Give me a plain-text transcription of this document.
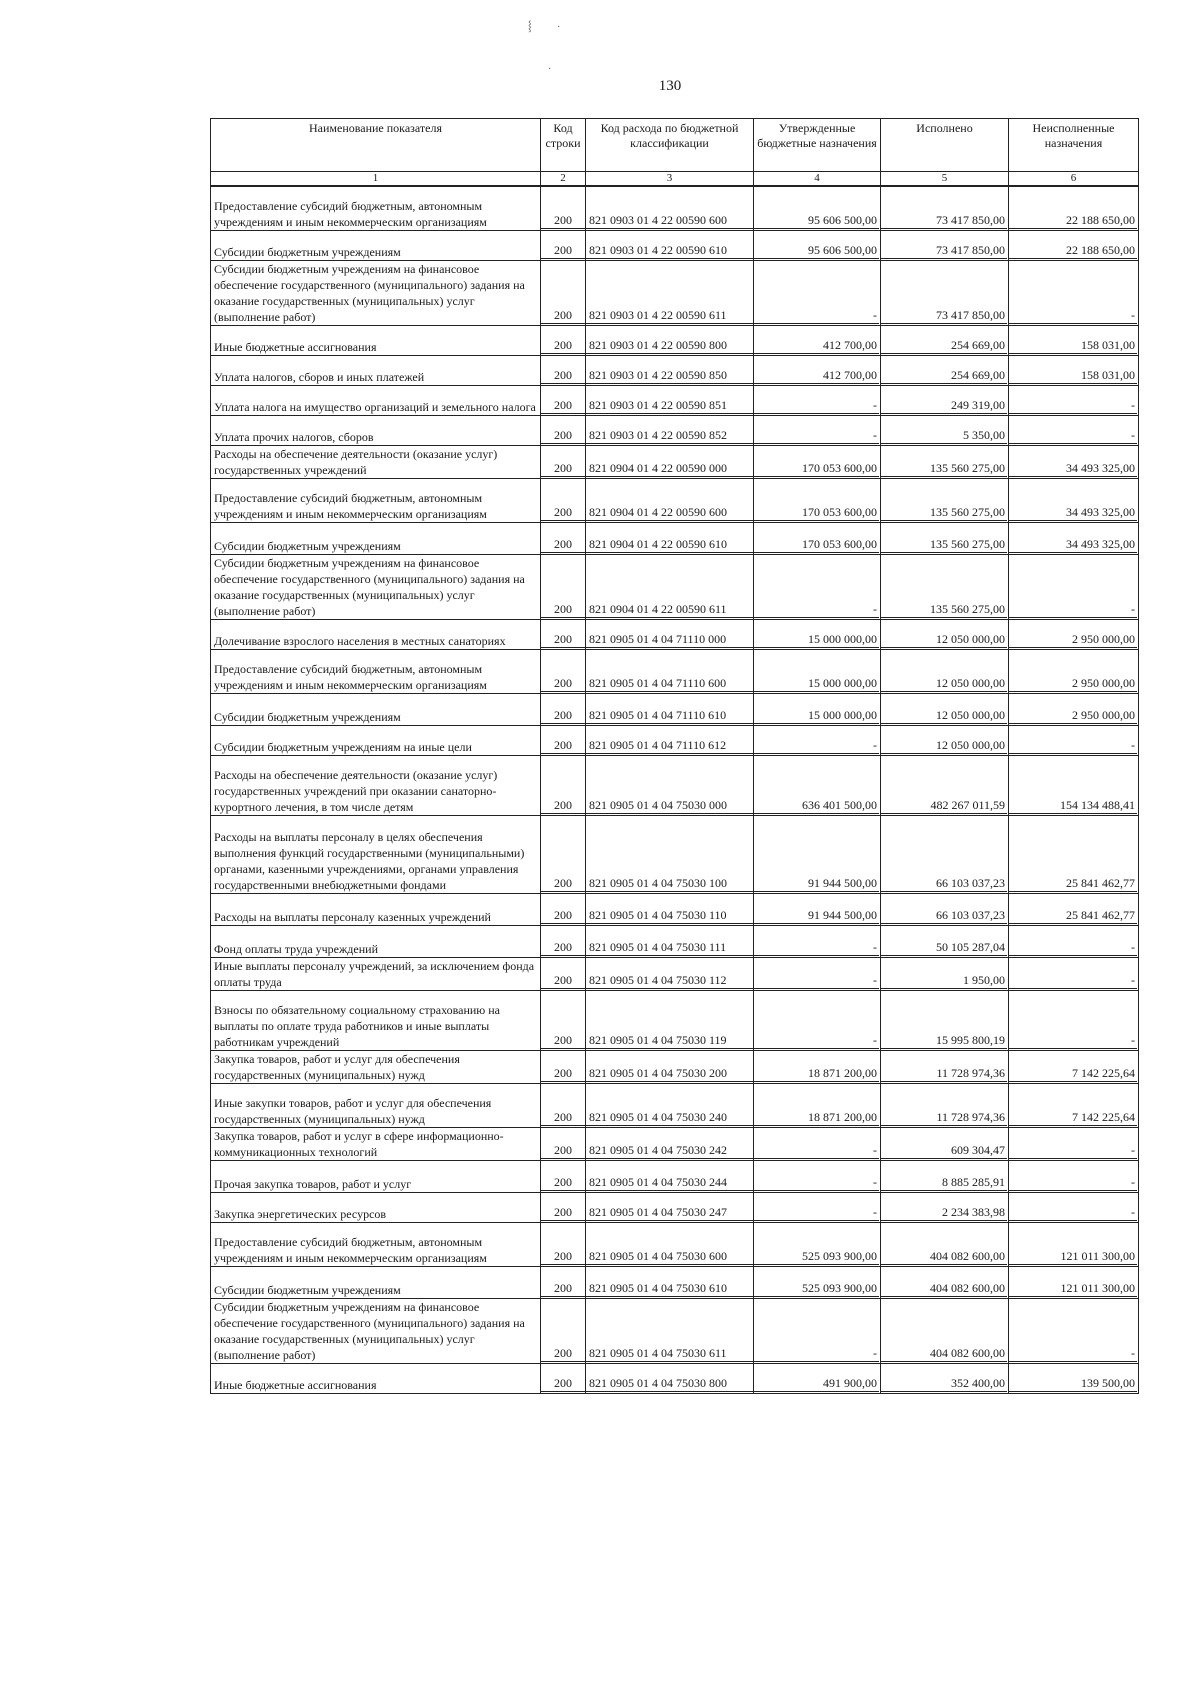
⸾	·
·
130
Наименование показателя	Код строки	Код расхода по бюджетной классификации	Утвержденные бюджетные назначения	Исполнено	Неисполненные назначения
1	2	3	4	5	6
Предоставление субсидий бюджетным, автономным учреждениям и иным некоммерческим организациям	200	821 0903 01 4 22 00590 600	95 606 500,00	73 417 850,00	22 188 650,00

Субсидии бюджетным учреждениям	200	821 0903 01 4 22 00590 610	95 606 500,00	73 417 850,00	22 188 650,00

Субсидии бюджетным учреждениям на финансовое обеспечение государственного (муниципального) задания на оказание государственных (муниципальных) услуг (выполнение работ)	200	821 0903 01 4 22 00590 611	-	73 417 850,00	-

Иные бюджетные ассигнования	200	821 0903 01 4 22 00590 800	412 700,00	254 669,00	158 031,00

Уплата налогов, сборов и иных платежей	200	821 0903 01 4 22 00590 850	412 700,00	254 669,00	158 031,00

Уплата налога на имущество организаций и земельного налога	200	821 0903 01 4 22 00590 851	-	249 319,00	-

Уплата прочих налогов, сборов	200	821 0903 01 4 22 00590 852	-	5 350,00	-

Расходы на обеспечение деятельности (оказание услуг) государственных учреждений	200	821 0904 01 4 22 00590 000	170 053 600,00	135 560 275,00	34 493 325,00

Предоставление субсидий бюджетным, автономным учреждениям и иным некоммерческим организациям	200	821 0904 01 4 22 00590 600	170 053 600,00	135 560 275,00	34 493 325,00

Субсидии бюджетным учреждениям	200	821 0904 01 4 22 00590 610	170 053 600,00	135 560 275,00	34 493 325,00

Субсидии бюджетным учреждениям на финансовое обеспечение государственного (муниципального) задания на оказание государственных (муниципальных) услуг (выполнение работ)	200	821 0904 01 4 22 00590 611	-	135 560 275,00	-

Долечивание взрослого населения в местных санаториях	200	821 0905 01 4 04 71110 000	15 000 000,00	12 050 000,00	2 950 000,00

Предоставление субсидий бюджетным, автономным учреждениям и иным некоммерческим организациям	200	821 0905 01 4 04 71110 600	15 000 000,00	12 050 000,00	2 950 000,00

Субсидии бюджетным учреждениям	200	821 0905 01 4 04 71110 610	15 000 000,00	12 050 000,00	2 950 000,00

Субсидии бюджетным учреждениям на иные цели	200	821 0905 01 4 04 71110 612	-	12 050 000,00	-

Расходы на обеспечение деятельности (оказание услуг) государственных учреждений при оказании санаторно-курортного лечения, в том числе детям	200	821 0905 01 4 04 75030 000	636 401 500,00	482 267 011,59	154 134 488,41

Расходы на выплаты персоналу в целях обеспечения выполнения функций государственными (муниципальными) органами, казенными учреждениями, органами управления государственными внебюджетными фондами	200	821 0905 01 4 04 75030 100	91 944 500,00	66 103 037,23	25 841 462,77

Расходы на выплаты персоналу казенных учреждений	200	821 0905 01 4 04 75030 110	91 944 500,00	66 103 037,23	25 841 462,77

Фонд оплаты труда учреждений	200	821 0905 01 4 04 75030 111	-	50 105 287,04	-

Иные выплаты персоналу учреждений, за исключением фонда оплаты труда	200	821 0905 01 4 04 75030 112	-	1 950,00	-

Взносы по обязательному социальному страхованию на выплаты по оплате труда работников и иные выплаты работникам учреждений	200	821 0905 01 4 04 75030 119	-	15 995 800,19	-

Закупка товаров, работ и услуг для обеспечения государственных (муниципальных) нужд	200	821 0905 01 4 04 75030 200	18 871 200,00	11 728 974,36	7 142 225,64

Иные закупки товаров, работ и услуг для обеспечения государственных (муниципальных) нужд	200	821 0905 01 4 04 75030 240	18 871 200,00	11 728 974,36	7 142 225,64

Закупка товаров, работ и услуг в сфере информационно-коммуникационных технологий	200	821 0905 01 4 04 75030 242	-	609 304,47	-

Прочая закупка товаров, работ и услуг	200	821 0905 01 4 04 75030 244	-	8 885 285,91	-

Закупка энергетических ресурсов	200	821 0905 01 4 04 75030 247	-	2 234 383,98	-

Предоставление субсидий бюджетным, автономным учреждениям и иным некоммерческим организациям	200	821 0905 01 4 04 75030 600	525 093 900,00	404 082 600,00	121 011 300,00

Субсидии бюджетным учреждениям	200	821 0905 01 4 04 75030 610	525 093 900,00	404 082 600,00	121 011 300,00

Субсидии бюджетным учреждениям на финансовое обеспечение государственного (муниципального) задания на оказание государственных (муниципальных) услуг (выполнение работ)	200	821 0905 01 4 04 75030 611	-	404 082 600,00	-

Иные бюджетные ассигнования	200	821 0905 01 4 04 75030 800	491 900,00	352 400,00	139 500,00
